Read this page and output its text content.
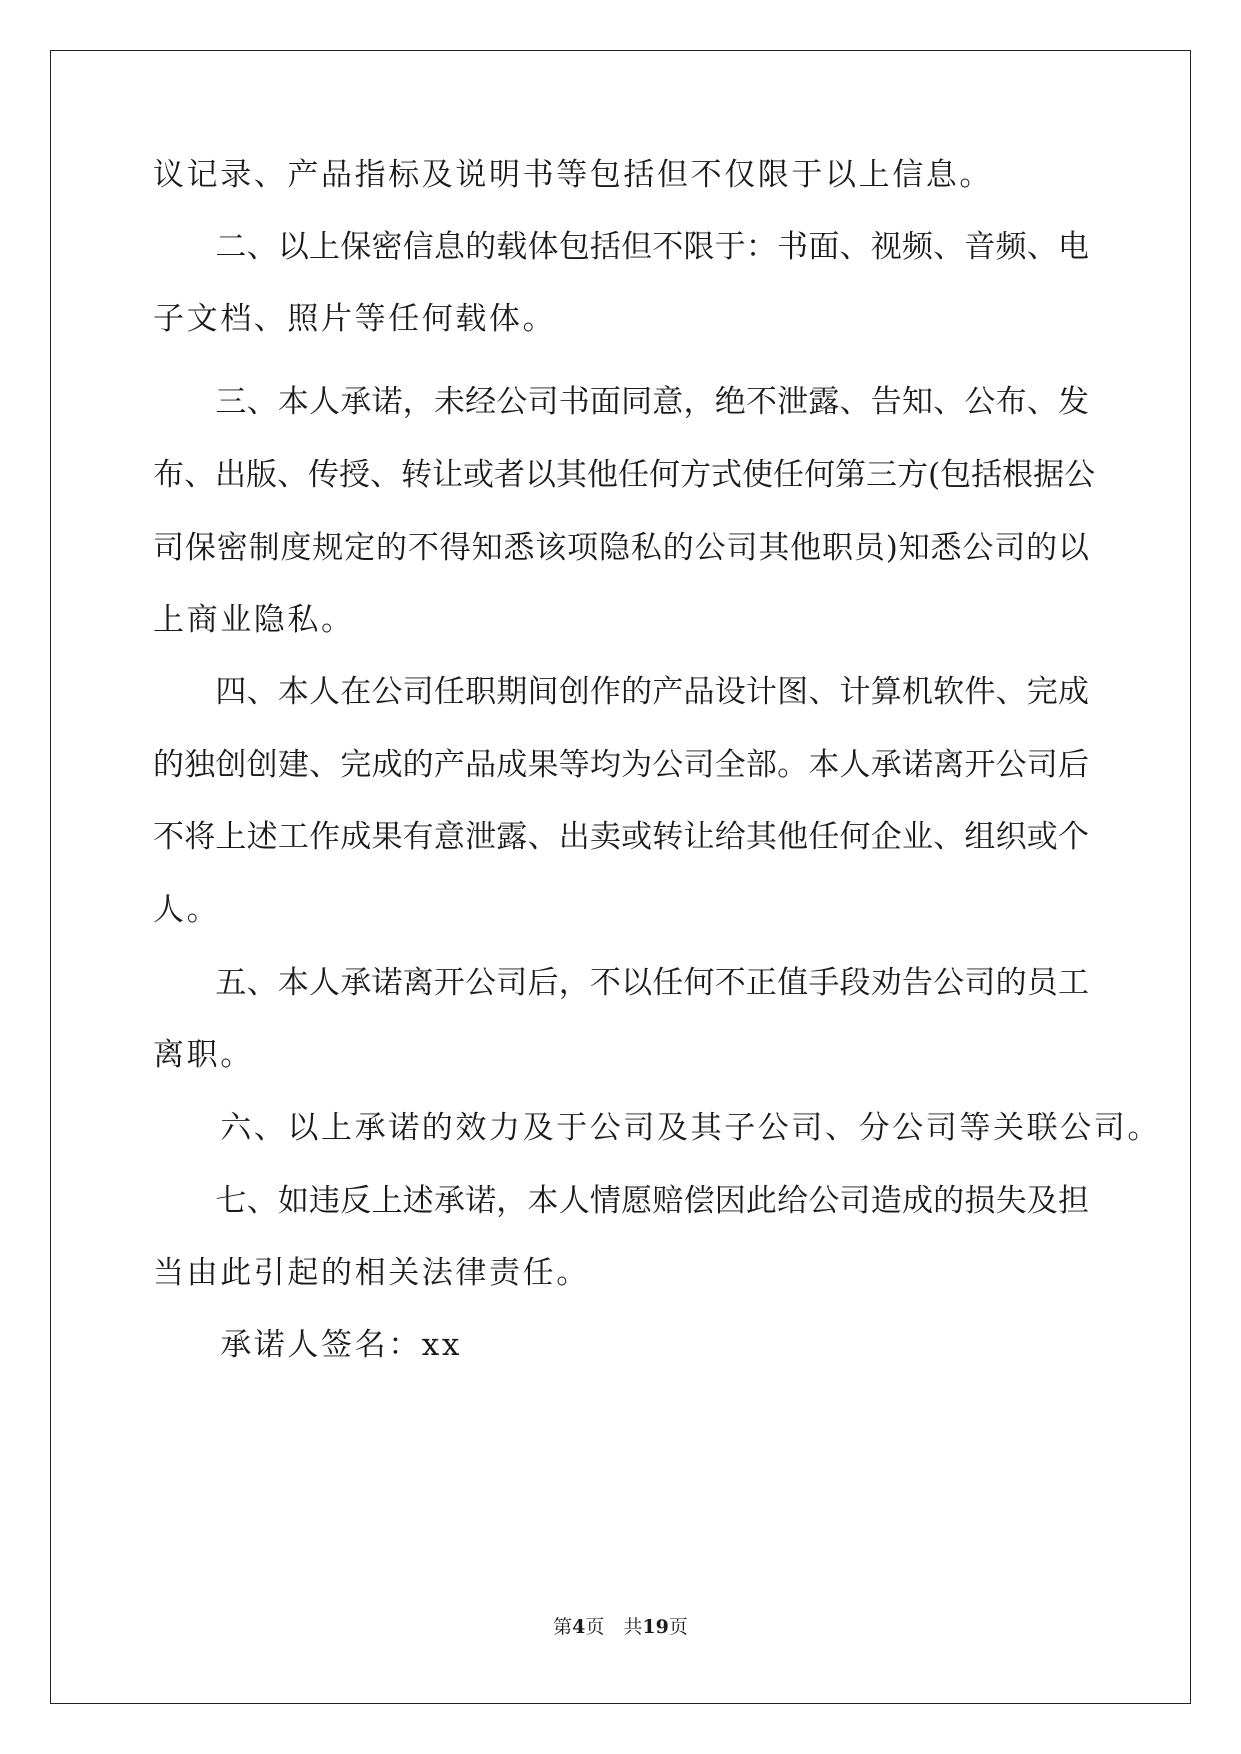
议记录、产品指标及说明书等包括但不仅限于以上信息。
　　二、以上保密信息的载体包括但不限于：书面、视频、音频、电
子文档、照片等任何载体。
　　三、本人承诺，未经公司书面同意，绝不泄露、告知、公布、发
布、出版、传授、转让或者以其他任何方式使任何第三方(包括根据公
司保密制度规定的不得知悉该项隐私的公司其他职员)知悉公司的以
上商业隐私。
　　四、本人在公司任职期间创作的产品设计图、计算机软件、完成
的独创创建、完成的产品成果等均为公司全部。本人承诺离开公司后
不将上述工作成果有意泄露、出卖或转让给其他任何企业、组织或个
人。
　　五、本人承诺离开公司后，不以任何不正值手段劝告公司的员工
离职。
　　六、以上承诺的效力及于公司及其子公司、分公司等关联公司。
　　七、如违反上述承诺，本人情愿赔偿因此给公司造成的损失及担
当由此引起的相关法律责任。
　　承诺人签名：xx
第4页　共19页
